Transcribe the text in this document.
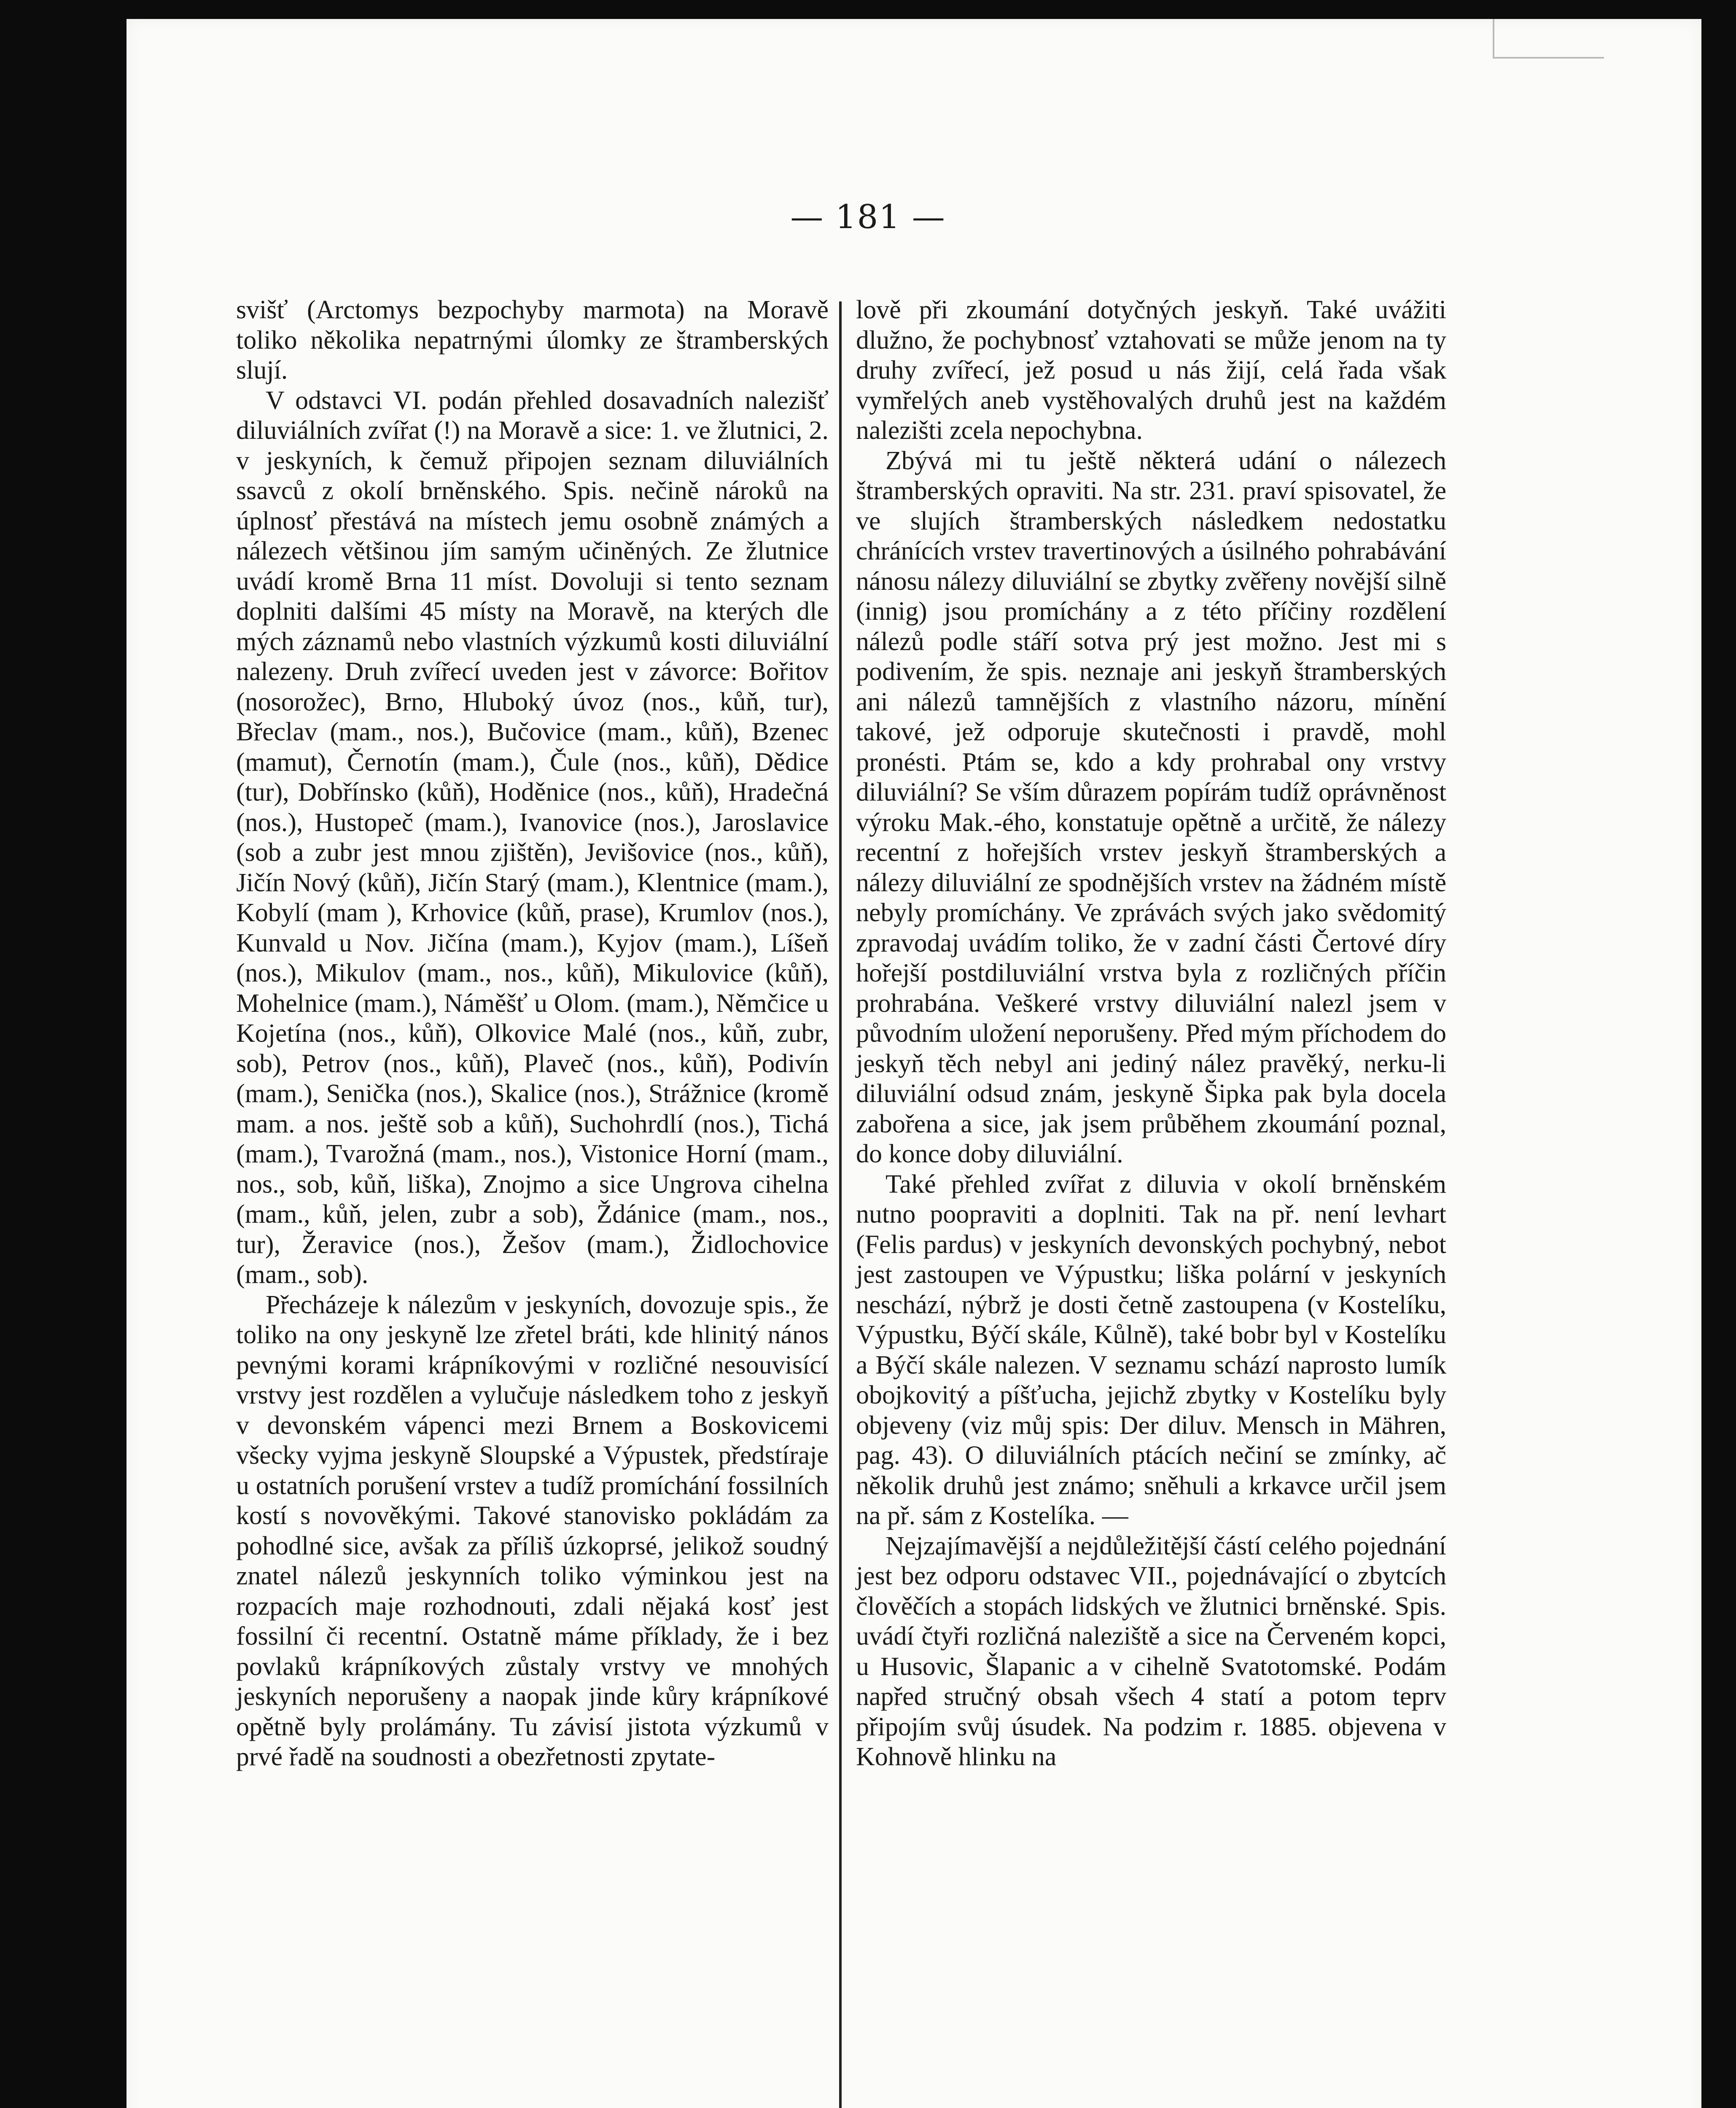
— 181 —

svišť (Arctomys bezpochyby marmota) na Moravě toliko několika nepatrnými úlomky ze štramberských slují.

V odstavci VI. podán přehled dosavadních nalezišť diluviálních zvířat (!) na Moravě a sice: 1. ve žlutnici, 2. v jeskyních, k čemuž připojen seznam diluviálních ssavců z okolí brněnského. Spis. nečině nároků na úplnosť přestává na místech jemu osobně známých a nálezech většinou jím samým učiněných. Ze žlutnice uvádí kromě Brna 11 míst. Dovoluji si tento seznam doplniti dalšími 45 místy na Moravě, na kterých dle mých záznamů nebo vlastních výzkumů kosti diluviální nalezeny. Druh zvířecí uveden jest v závorce: Bořitov (nosorožec), Brno, Hluboký úvoz (nos., kůň, tur), Břeclav (mam., nos.), Bučovice (mam., kůň), Bzenec (mamut), Černotín (mam.), Čule (nos., kůň), Dědice (tur), Dobřínsko (kůň), Hoděnice (nos., kůň), Hradečná (nos.), Hustopeč (mam.), Ivanovice (nos.), Jaroslavice (sob a zubr jest mnou zjištěn), Jevišovice (nos., kůň), Jičín Nový (kůň), Jičín Starý (mam.), Klentnice (mam.), Kobylí (mam ), Krhovice (kůň, prase), Krumlov (nos.), Kunvald u Nov. Jičína (mam.), Kyjov (mam.), Líšeň (nos.), Mikulov (mam., nos., kůň), Mikulovice (kůň), Mohelnice (mam.), Náměšť u Olom. (mam.), Němčice u Kojetína (nos., kůň), Olkovice Malé (nos., kůň, zubr, sob), Petrov (nos., kůň), Plaveč (nos., kůň), Podivín (mam.), Senička (nos.), Skalice (nos.), Strážnice (kromě mam. a nos. ještě sob a kůň), Suchohrdlí (nos.), Tichá (mam.), Tvarožná (mam., nos.), Vistonice Horní (mam., nos., sob, kůň, liška), Znojmo a sice Ungrova cihelna (mam., kůň, jelen, zubr a sob), Ždánice (mam., nos., tur), Žeravice (nos.), Žešov (mam.), Židlochovice (mam., sob).

Přecházeje k nálezům v jeskyních, dovozuje spis., že toliko na ony jeskyně lze zřetel bráti, kde hlinitý nános pevnými korami krápníkovými v rozličné nesouvisící vrstvy jest rozdělen a vylučuje následkem toho z jeskyň v devonském vápenci mezi Brnem a Boskovicemi všecky vyjma jeskyně Sloupské a Výpustek, předstíraje u ostatních porušení vrstev a tudíž promíchání fossilních kostí s novověkými. Takové stanovisko pokládám za pohodlné sice, avšak za příliš úzkoprsé, jelikož soudný znatel nálezů jeskynních toliko výminkou jest na rozpacích maje rozhodnouti, zdali nějaká kosť jest fossilní či recentní. Ostatně máme příklady, že i bez povlaků krápníkových zůstaly vrstvy ve mnohých jeskyních neporušeny a naopak jinde kůry krápníkové opětně byly prolámány. Tu závisí jistota výzkumů v prvé řadě na soudnosti a obezřetnosti zpytate-

lově při zkoumání dotyčných jeskyň. Také uvážiti dlužno, že pochybnosť vztahovati se může jenom na ty druhy zvířecí, jež posud u nás žijí, celá řada však vymřelých aneb vystěhovalých druhů jest na každém nalezišti zcela nepochybna.

Zbývá mi tu ještě některá udání o nálezech štramberských opraviti. Na str. 231. praví spisovatel, že ve slujích štramberských následkem nedostatku chránících vrstev travertinových a úsilného pohrabávání nánosu nálezy diluviální se zbytky zvěřeny novější silně (innig) jsou promíchány a z této příčiny rozdělení nálezů podle stáří sotva prý jest možno. Jest mi s podivením, že spis. neznaje ani jeskyň štramberských ani nálezů tamnějších z vlastního názoru, mínění takové, jež odporuje skutečnosti i pravdě, mohl pronésti. Ptám se, kdo a kdy prohrabal ony vrstvy diluviální? Se vším důrazem popírám tudíž oprávněnost výroku Mak.-ého, konstatuje opětně a určitě, že nálezy recentní z hořejších vrstev jeskyň štramberských a nálezy diluviální ze spodnějších vrstev na žádném místě nebyly promíchány. Ve zprávách svých jako svědomitý zpravodaj uvádím toliko, že v zadní části Čertové díry hořejší postdiluviální vrstva byla z rozličných příčin prohrabána. Veškeré vrstvy diluviální nalezl jsem v původním uložení neporušeny. Před mým příchodem do jeskyň těch nebyl ani jediný nález pravěký, nerku-li diluviální odsud znám, jeskyně Šipka pak byla docela zabořena a sice, jak jsem průběhem zkoumání poznal, do konce doby diluviální.

Také přehled zvířat z diluvia v okolí brněnském nutno poopraviti a doplniti. Tak na př. není levhart (Felis pardus) v jeskyních devonských pochybný, nebot jest zastoupen ve Výpustku; liška polární v jeskyních neschází, nýbrž je dosti četně zastoupena (v Kostelíku, Výpustku, Býčí skále, Kůlně), také bobr byl v Kostelíku a Býčí skále nalezen. V seznamu schází naprosto lumík obojkovitý a píšťucha, jejichž zbytky v Kostelíku byly objeveny (viz můj spis: Der diluv. Mensch in Mähren, pag. 43). O diluviálních ptácích nečiní se zmínky, ač několik druhů jest známo; sněhuli a krkavce určil jsem na př. sám z Kostelíka. —

Nejzajímavější a nejdůležitější částí celého pojednání jest bez odporu odstavec VII., pojednávající o zbytcích člověčích a stopách lidských ve žlutnici brněnské. Spis. uvádí čtyři rozličná naleziště a sice na Červeném kopci, u Husovic, Šlapanic a v cihelně Svatotomské. Podám napřed stručný obsah všech 4 statí a potom teprv připojím svůj úsudek. Na podzim r. 1885. objevena v Kohnově hlinku na
